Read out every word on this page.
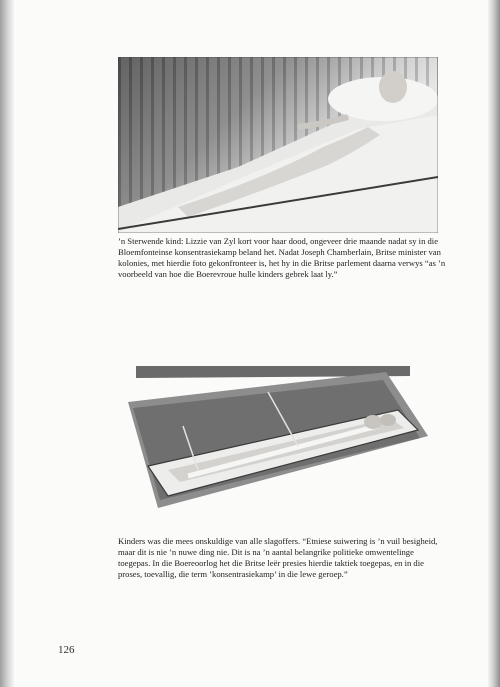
’n Sterwende kind: Lizzie van Zyl kort voor haar dood, ongeveer drie maande nadat sy in die Bloemfonteinse konsentrasiekamp beland het. Nadat Joseph Chamberlain, Britse minister van kolonies, met hierdie foto gekonfronteer is, het hy in die Britse parlement daarna verwys “as ’n voorbeeld van hoe die Boerevroue hulle kinders gebrek laat ly.”
Kinders was die mees onskuldige van alle slagoffers. “Etniese suiwering is ’n vuil besigheid, maar dit is nie ’n nuwe ding nie. Dit is na ’n aantal belangrike politieke omwentelinge toegepas. In die Boereoorlog het die Britse leër presies hierdie taktiek toegepas, en in die proses, toevallig, die term ’konsentrasiekamp’ in die lewe geroep.”
126
